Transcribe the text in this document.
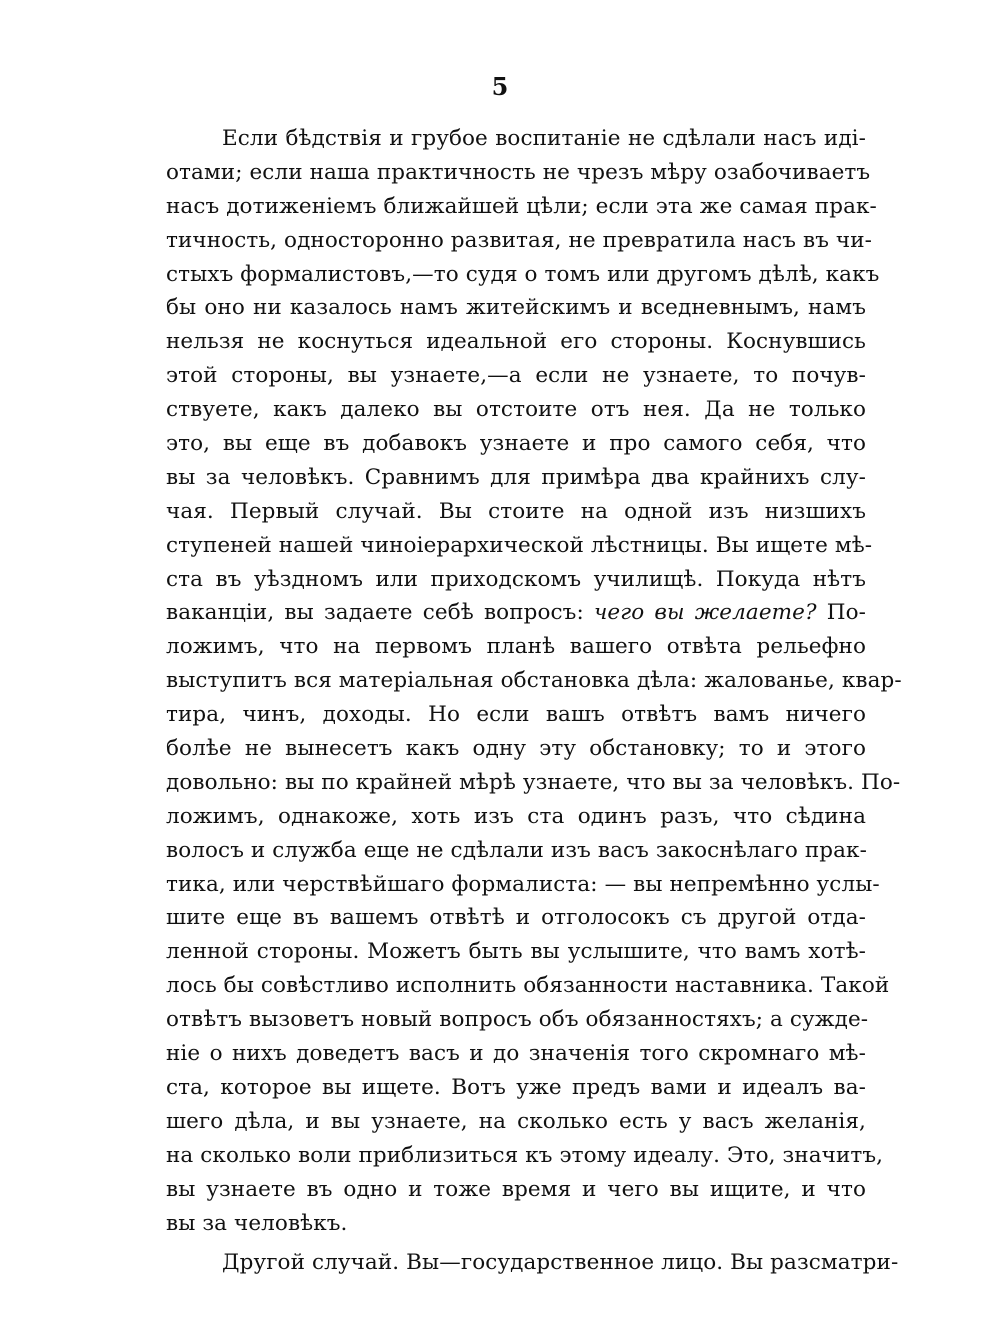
5
Если бѣдствія и грубое воспитаніе не сдѣлали насъ иді-
отами; если наша практичность не чрезъ мѣру озабочиваетъ
насъ дотиженіемъ ближайшей цѣли; если эта же самая прак-
тичность, односторонно развитая, не превратила насъ въ чи-
стыхъ формалистовъ,—то судя о томъ или другомъ дѣлѣ, какъ
бы оно ни казалось намъ житейскимъ и вседневнымъ, намъ
нельзя не коснуться идеальной его стороны. Коснувшись
этой стороны, вы узнаете,—а если не узнаете, то почув-
ствуете, какъ далеко вы отстоите отъ нея. Да не только
это, вы еще въ добавокъ узнаете и про самого себя, что
вы за человѣкъ. Сравнимъ для примѣра два крайнихъ слу-
чая. Первый случай. Вы стоите на одной изъ низшихъ
ступеней нашей чиноіерархической лѣстницы. Вы ищете мѣ-
ста въ уѣздномъ или приходскомъ училищѣ. Покуда нѣтъ
ваканціи, вы задаете себѣ вопросъ: чего вы желаете? По-
ложимъ, что на первомъ планѣ вашего отвѣта рельефно
выступитъ вся матеріальная обстановка дѣла: жалованье, квар-
тира, чинъ, доходы. Но если вашъ отвѣтъ вамъ ничего
болѣе не вынесетъ какъ одну эту обстановку; то и этого
довольно: вы по крайней мѣрѣ узнаете, что вы за человѣкъ. По-
ложимъ, однакоже, хоть изъ ста одинъ разъ, что сѣдина
волосъ и служба еще не сдѣлали изъ васъ закоснѣлаго прак-
тика, или черствѣйшаго формалиста: — вы непремѣнно услы-
шите еще въ вашемъ отвѣтѣ и отголосокъ съ другой отда-
ленной стороны. Можетъ быть вы услышите, что вамъ хотѣ-
лось бы совѣстливо исполнить обязанности наставника. Такой
отвѣтъ вызоветъ новый вопросъ объ обязанностяхъ; а сужде-
ніе о нихъ доведетъ васъ и до значенія того скромнаго мѣ-
ста, которое вы ищете. Вотъ уже предъ вами и идеалъ ва-
шего дѣла, и вы узнаете, на сколько есть у васъ желанія,
на сколько воли приблизиться къ этому идеалу. Это, значитъ,
вы узнаете въ одно и тоже время и чего вы ищите, и что
вы за человѣкъ.
Другой случай. Вы—государственное лицо. Вы разсматри-
